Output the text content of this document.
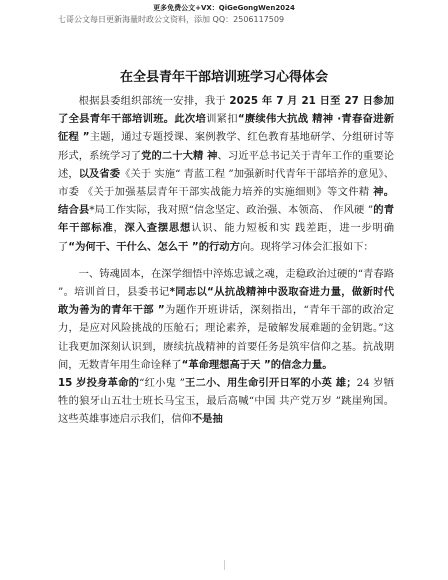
更多免费公文+VX：QiGeGongWen2024
七哥公文每日更新海量时政公文资料，添加 QQ：2506117509
在全县青年干部培训班学习心得体会

根据县委组织部统一安排，我于 2025 年 7 月 21 日至 27 日参加了全县青年干部培训班。此次培训紧扣“赓续伟大抗战 精神 ·青春奋进新征程 ”主题，通过专题授课、案例教学、红色教育基地研学、分组研讨等形式，系统学习了党的二十大精 神、习近平总书记关于青年工作的重要论述，以及省委《关于 实施“ 青蓝工程 ”加强新时代青年干部培养的意见》、市委 《关于加强基层青年干部实战能力培养的实施细则》等文件精 神。结合县*局工作实际，我对照“信念坚定、政治强、本领高、 作风硬 ”的青年干部标准，深入查摆思想认识、能力短板和实 践差距，进一步明确了“为何干、干什么、怎么干 ”的行动方向。现将学习体会汇报如下：

一、铸魂固本，在深学细悟中淬炼忠诚之魂，走稳政治过硬的“青春路 ”。培训首日，县委书记*同志以“从抗战精神中汲取奋进力量，做新时代敢为善为的青年干部 ”为题作开班讲话，深刻指出，“青年干部的政治定力，是应对风险挑战的压舱石；理论素养，是破解发展难题的金钥匙。”这让我更加深刻认识到，赓续抗战精神的首要任务是筑牢信仰之基。抗战期间，无数青年用生命诠释了“革命理想高于天 ”的信念力量。

15 岁投身革命的“红小鬼 ”王二小、用生命引开日军的小英 雄；24 岁牺牲的狼牙山五壮士班长马宝玉，最后高喊“中国 共产党万岁 ”跳崖殉国。这些英雄事迹启示我们，信仰不是抽
